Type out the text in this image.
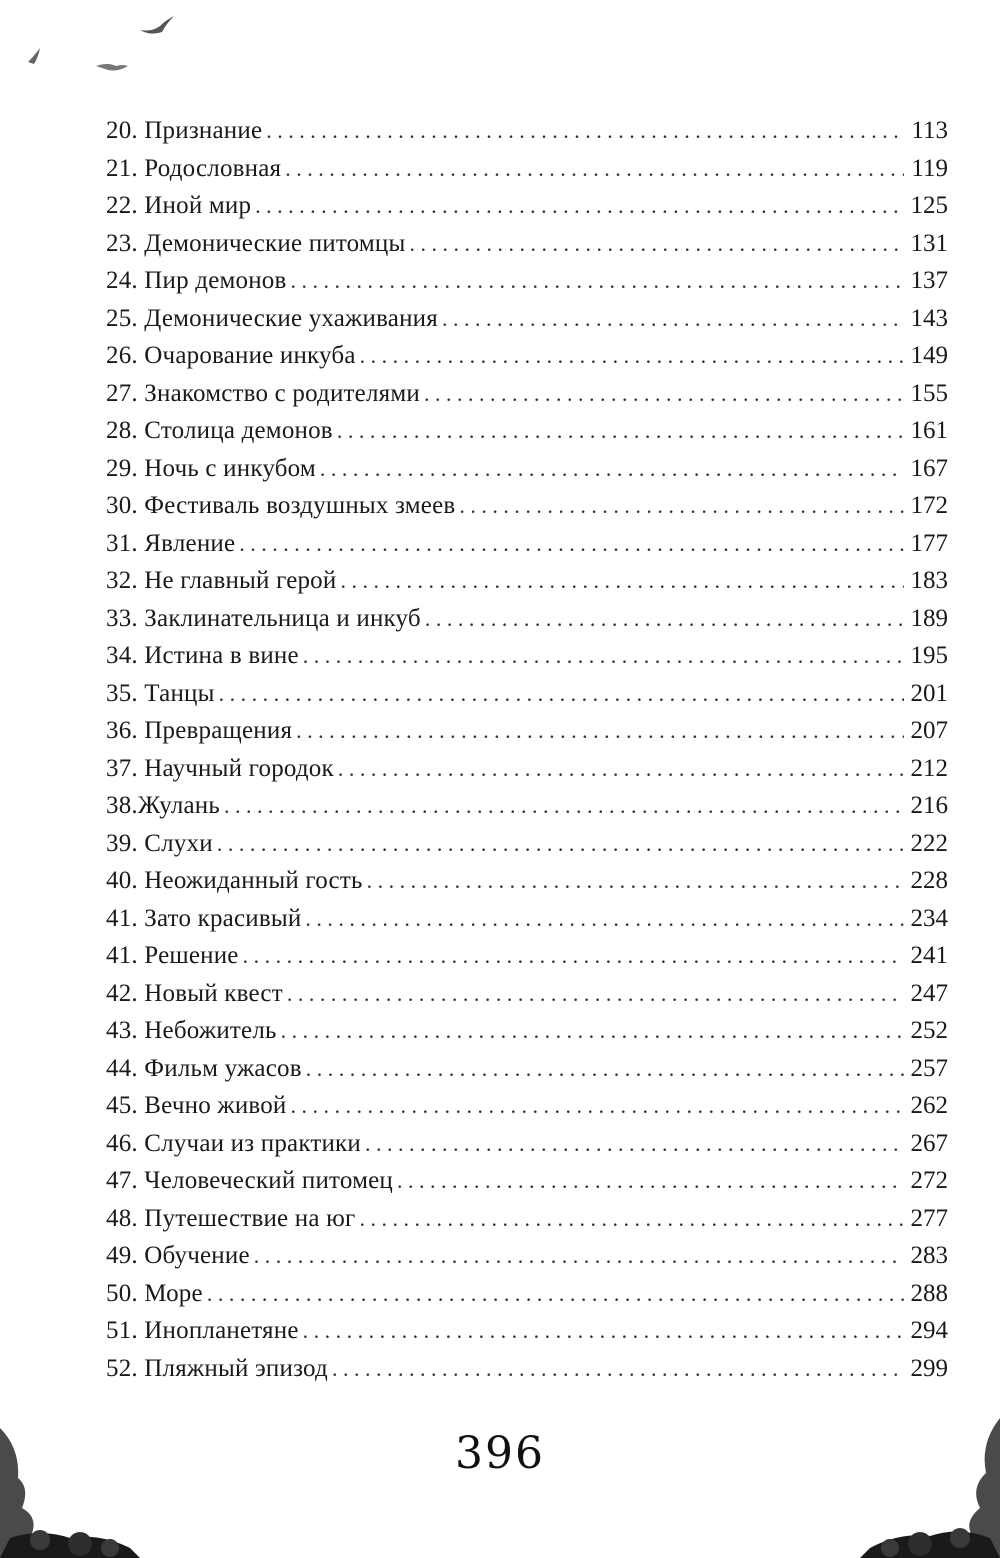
20. Признание . . .	113
21. Родословная . . .	119
22. Иной мир . . .	125
23. Демонические питомцы . . .	131
24. Пир демонов . . .	137
25. Демонические ухаживания . . .	143
26. Очарование инкуба . . .	149
27. Знакомство с родителями . . .	155
28. Столица демонов . . .	161
29. Ночь с инкубом . . .	167
30. Фестиваль воздушных змеев . . .	172
31. Явление . . .	177
32. Не главный герой . . .	183
33. Заклинательница и инкуб . . .	189
34. Истина в вине . . .	195
35. Танцы . . .	201
36. Превращения . . .	207
37. Научный городок . . .	212
38.Жулань . . .	216
39. Слухи . . .	222
40. Неожиданный гость . . .	228
41. Зато красивый . . .	234
41. Решение . . .	241
42. Новый квест . . .	247
43. Небожитель . . .	252
44. Фильм ужасов . . .	257
45. Вечно живой . . .	262
46. Случаи из практики . . .	267
47. Человеческий питомец . . .	272
48. Путешествие на юг . . .	277
49. Обучение . . .	283
50. Море . . .	288
51. Инопланетяне . . .	294
52. Пляжный эпизод . . .	299
396
